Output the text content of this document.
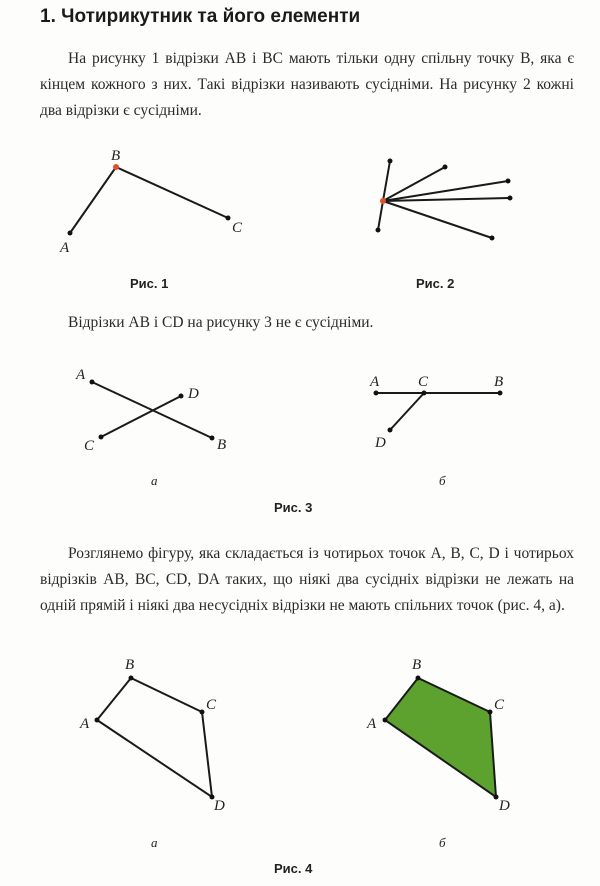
1. Чотирикутник та його елементи
На рисунку 1 відрізки AB і BC мають тільки одну спільну точку B, яка є кінцем кожного з них. Такі відрізки називають сусідніми. На рисунку 2 кожні два відрізки є сусідніми.
Відрізки AB і CD на рисунку 3 не є сусідніми.
Розглянемо фігуру, яка складається із чотирьох точок A, B, C, D і чотирьох відрізків AB, BC, CD, DA таких, що ніякі два сусідніх відрізки не лежать на одній прямій і ніякі два несусідніх відрізки не мають спільних точок (рис. 4, a).
B
A
C
Рис. 1	Рис. 2
A
D
C	B
а
A	C	B
D
б
Рис. 3
B
A
C
D
а
B
A
C
D
б
Рис. 4
